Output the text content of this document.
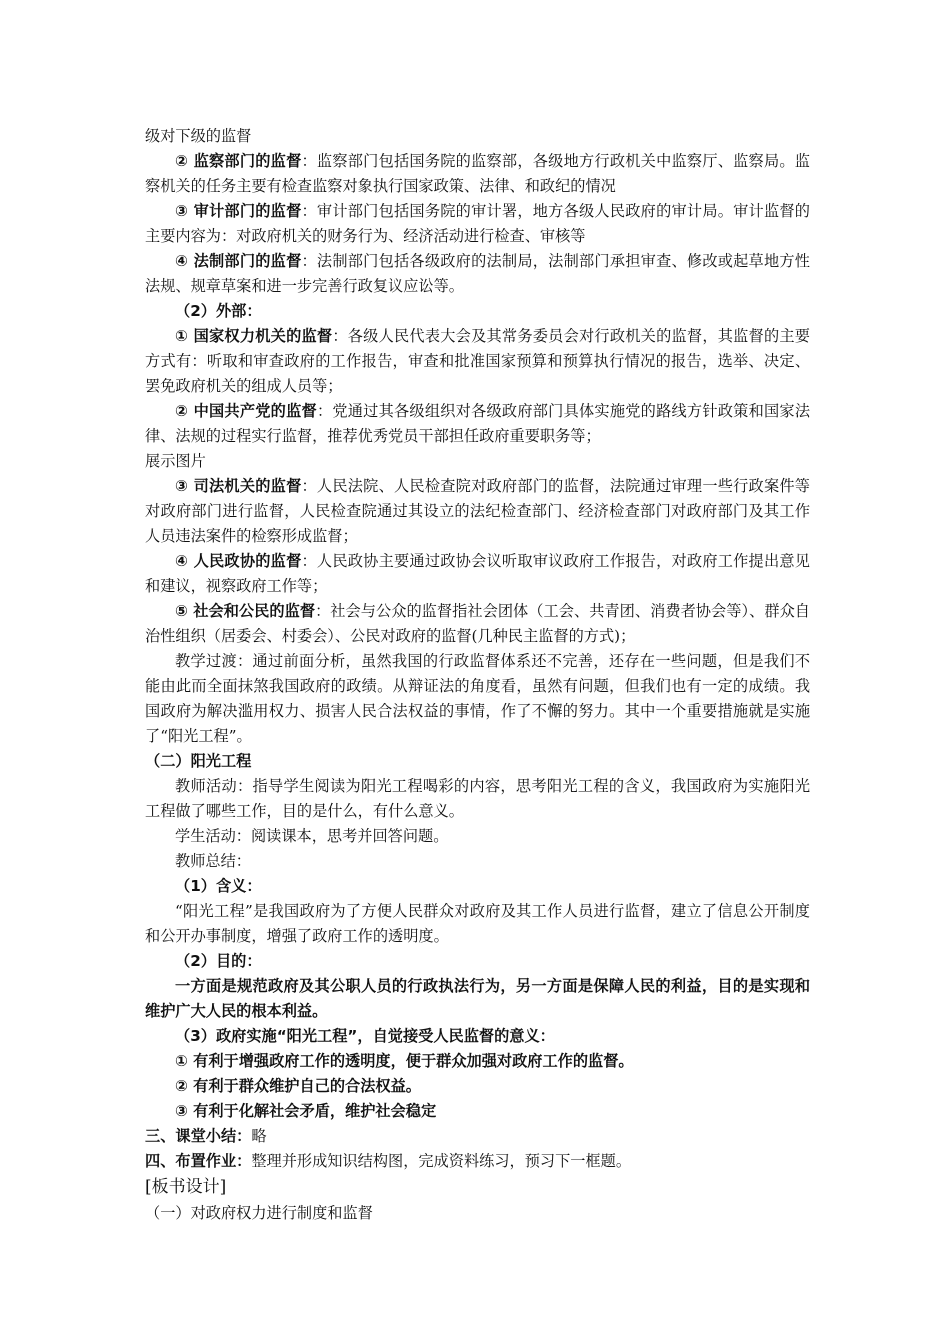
级对下级的监督

② 监察部门的监督：监察部门包括国务院的监察部，各级地方行政机关中监察厅、监察局。监察机关的任务主要有检查监察对象执行国家政策、法律、和政纪的情况

③ 审计部门的监督：审计部门包括国务院的审计署，地方各级人民政府的审计局。审计监督的主要内容为：对政府机关的财务行为、经济活动进行检查、审核等

④ 法制部门的监督：法制部门包括各级政府的法制局，法制部门承担审查、修改或起草地方性法规、规章草案和进一步完善行政复议应讼等。

（2）外部：

① 国家权力机关的监督：各级人民代表大会及其常务委员会对行政机关的监督，其监督的主要方式有：听取和审查政府的工作报告，审查和批准国家预算和预算执行情况的报告，选举、决定、罢免政府机关的组成人员等；

② 中国共产党的监督：党通过其各级组织对各级政府部门具体实施党的路线方针政策和国家法律、法规的过程实行监督，推荐优秀党员干部担任政府重要职务等；

展示图片

③ 司法机关的监督：人民法院、人民检查院对政府部门的监督，法院通过审理一些行政案件等对政府部门进行监督，人民检查院通过其设立的法纪检查部门、经济检查部门对政府部门及其工作人员违法案件的检察形成监督；

④ 人民政协的监督：人民政协主要通过政协会议听取审议政府工作报告，对政府工作提出意见和建议，视察政府工作等；

⑤ 社会和公民的监督：社会与公众的监督指社会团体（工会、共青团、消费者协会等）、群众自治性组织（居委会、村委会）、公民对政府的监督(几种民主监督的方式)；

教学过渡：通过前面分析，虽然我国的行政监督体系还不完善，还存在一些问题，但是我们不能由此而全面抹煞我国政府的政绩。从辩证法的角度看，虽然有问题，但我们也有一定的成绩。我国政府为解决滥用权力、损害人民合法权益的事情，作了不懈的努力。其中一个重要措施就是实施了“阳光工程”。

（二）阳光工程

教师活动：指导学生阅读为阳光工程喝彩的内容，思考阳光工程的含义，我国政府为实施阳光工程做了哪些工作，目的是什么，有什么意义。

学生活动：阅读课本，思考并回答问题。

教师总结：

（1）含义：

“阳光工程”是我国政府为了方便人民群众对政府及其工作人员进行监督，建立了信息公开制度和公开办事制度，增强了政府工作的透明度。

（2）目的：

一方面是规范政府及其公职人员的行政执法行为，另一方面是保障人民的利益，目的是实现和维护广大人民的根本利益。

（3）政府实施“阳光工程”，自觉接受人民监督的意义：

① 有利于增强政府工作的透明度，便于群众加强对政府工作的监督。

② 有利于群众维护自己的合法权益。

③ 有利于化解社会矛盾，维护社会稳定

三、课堂小结：略

四、布置作业：整理并形成知识结构图，完成资料练习，预习下一框题。

[板书设计]

（一）对政府权力进行制度和监督
